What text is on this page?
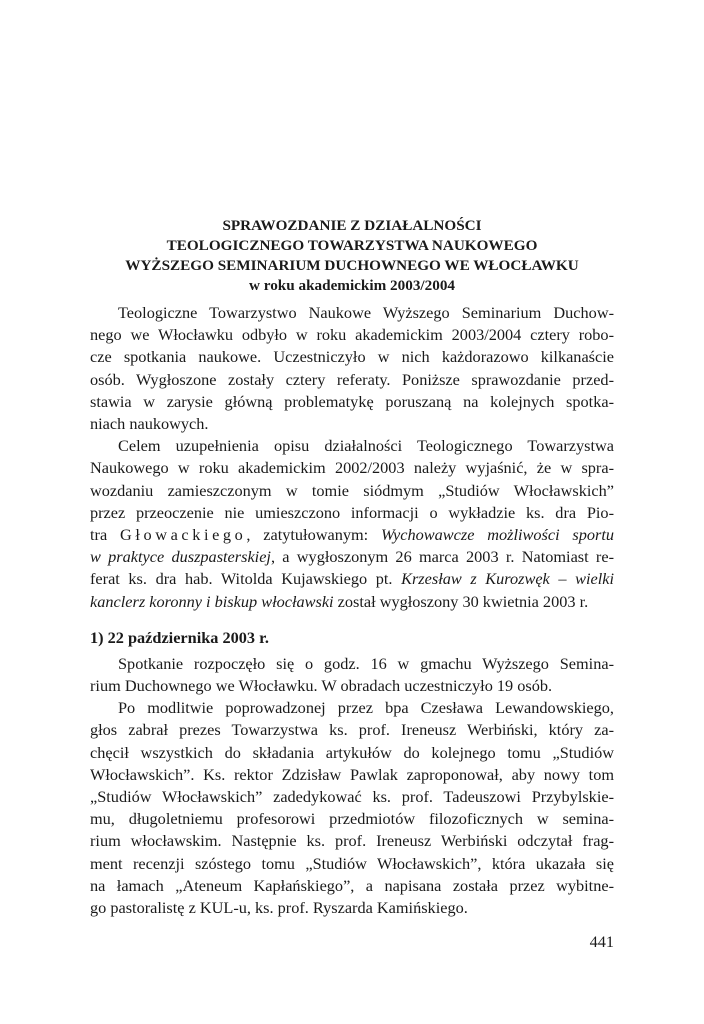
SPRAWOZDANIE Z DZIAŁALNOŚCI
TEOLOGICZNEGO TOWARZYSTWA NAUKOWEGO
WYŻSZEGO SEMINARIUM DUCHOWNEGO WE WŁOCŁAWKU
w roku akademickim 2003/2004
Teologiczne Towarzystwo Naukowe Wyższego Seminarium Duchow-
nego we Włocławku odbyło w roku akademickim 2003/2004 cztery robo-
cze spotkania naukowe. Uczestniczyło w nich każdorazowo kilkanaście
osób. Wygłoszone zostały cztery referaty. Poniższe sprawozdanie przed-
stawia w zarysie główną problematykę poruszaną na kolejnych spotka-
niach naukowych.
Celem uzupełnienia opisu działalności Teologicznego Towarzystwa
Naukowego w roku akademickim 2002/2003 należy wyjaśnić, że w spra-
wozdaniu zamieszczonym w tomie siódmym „Studiów Włocławskich”
przez przeoczenie nie umieszczono informacji o wykładzie ks. dra Pio-
tra Głowackiego, zatytułowanym: Wychowawcze możliwości sportu
w praktyce duszpasterskiej, a wygłoszonym 26 marca 2003 r. Natomiast re-
ferat ks. dra hab. Witolda Kujawskiego pt. Krzesław z Kurozwęk – wielki
kanclerz koronny i biskup włocławski został wygłoszony 30 kwietnia 2003 r.
1) 22 października 2003 r.
Spotkanie rozpoczęło się o godz. 16 w gmachu Wyższego Semina-
rium Duchownego we Włocławku. W obradach uczestniczyło 19 osób.
Po modlitwie poprowadzonej przez bpa Czesława Lewandowskiego,
głos zabrał prezes Towarzystwa ks. prof. Ireneusz Werbiński, który za-
chęcił wszystkich do składania artykułów do kolejnego tomu „Studiów
Włocławskich”. Ks. rektor Zdzisław Pawlak zaproponował, aby nowy tom
„Studiów Włocławskich” zadedykować ks. prof. Tadeuszowi Przybylskie-
mu, długoletniemu profesorowi przedmiotów filozoficznych w semina-
rium włocławskim. Następnie ks. prof. Ireneusz Werbiński odczytał frag-
ment recenzji szóstego tomu „Studiów Włocławskich”, która ukazała się
na łamach „Ateneum Kapłańskiego”, a napisana została przez wybitne-
go pastoralistę z KUL-u, ks. prof. Ryszarda Kamińskiego.
441
